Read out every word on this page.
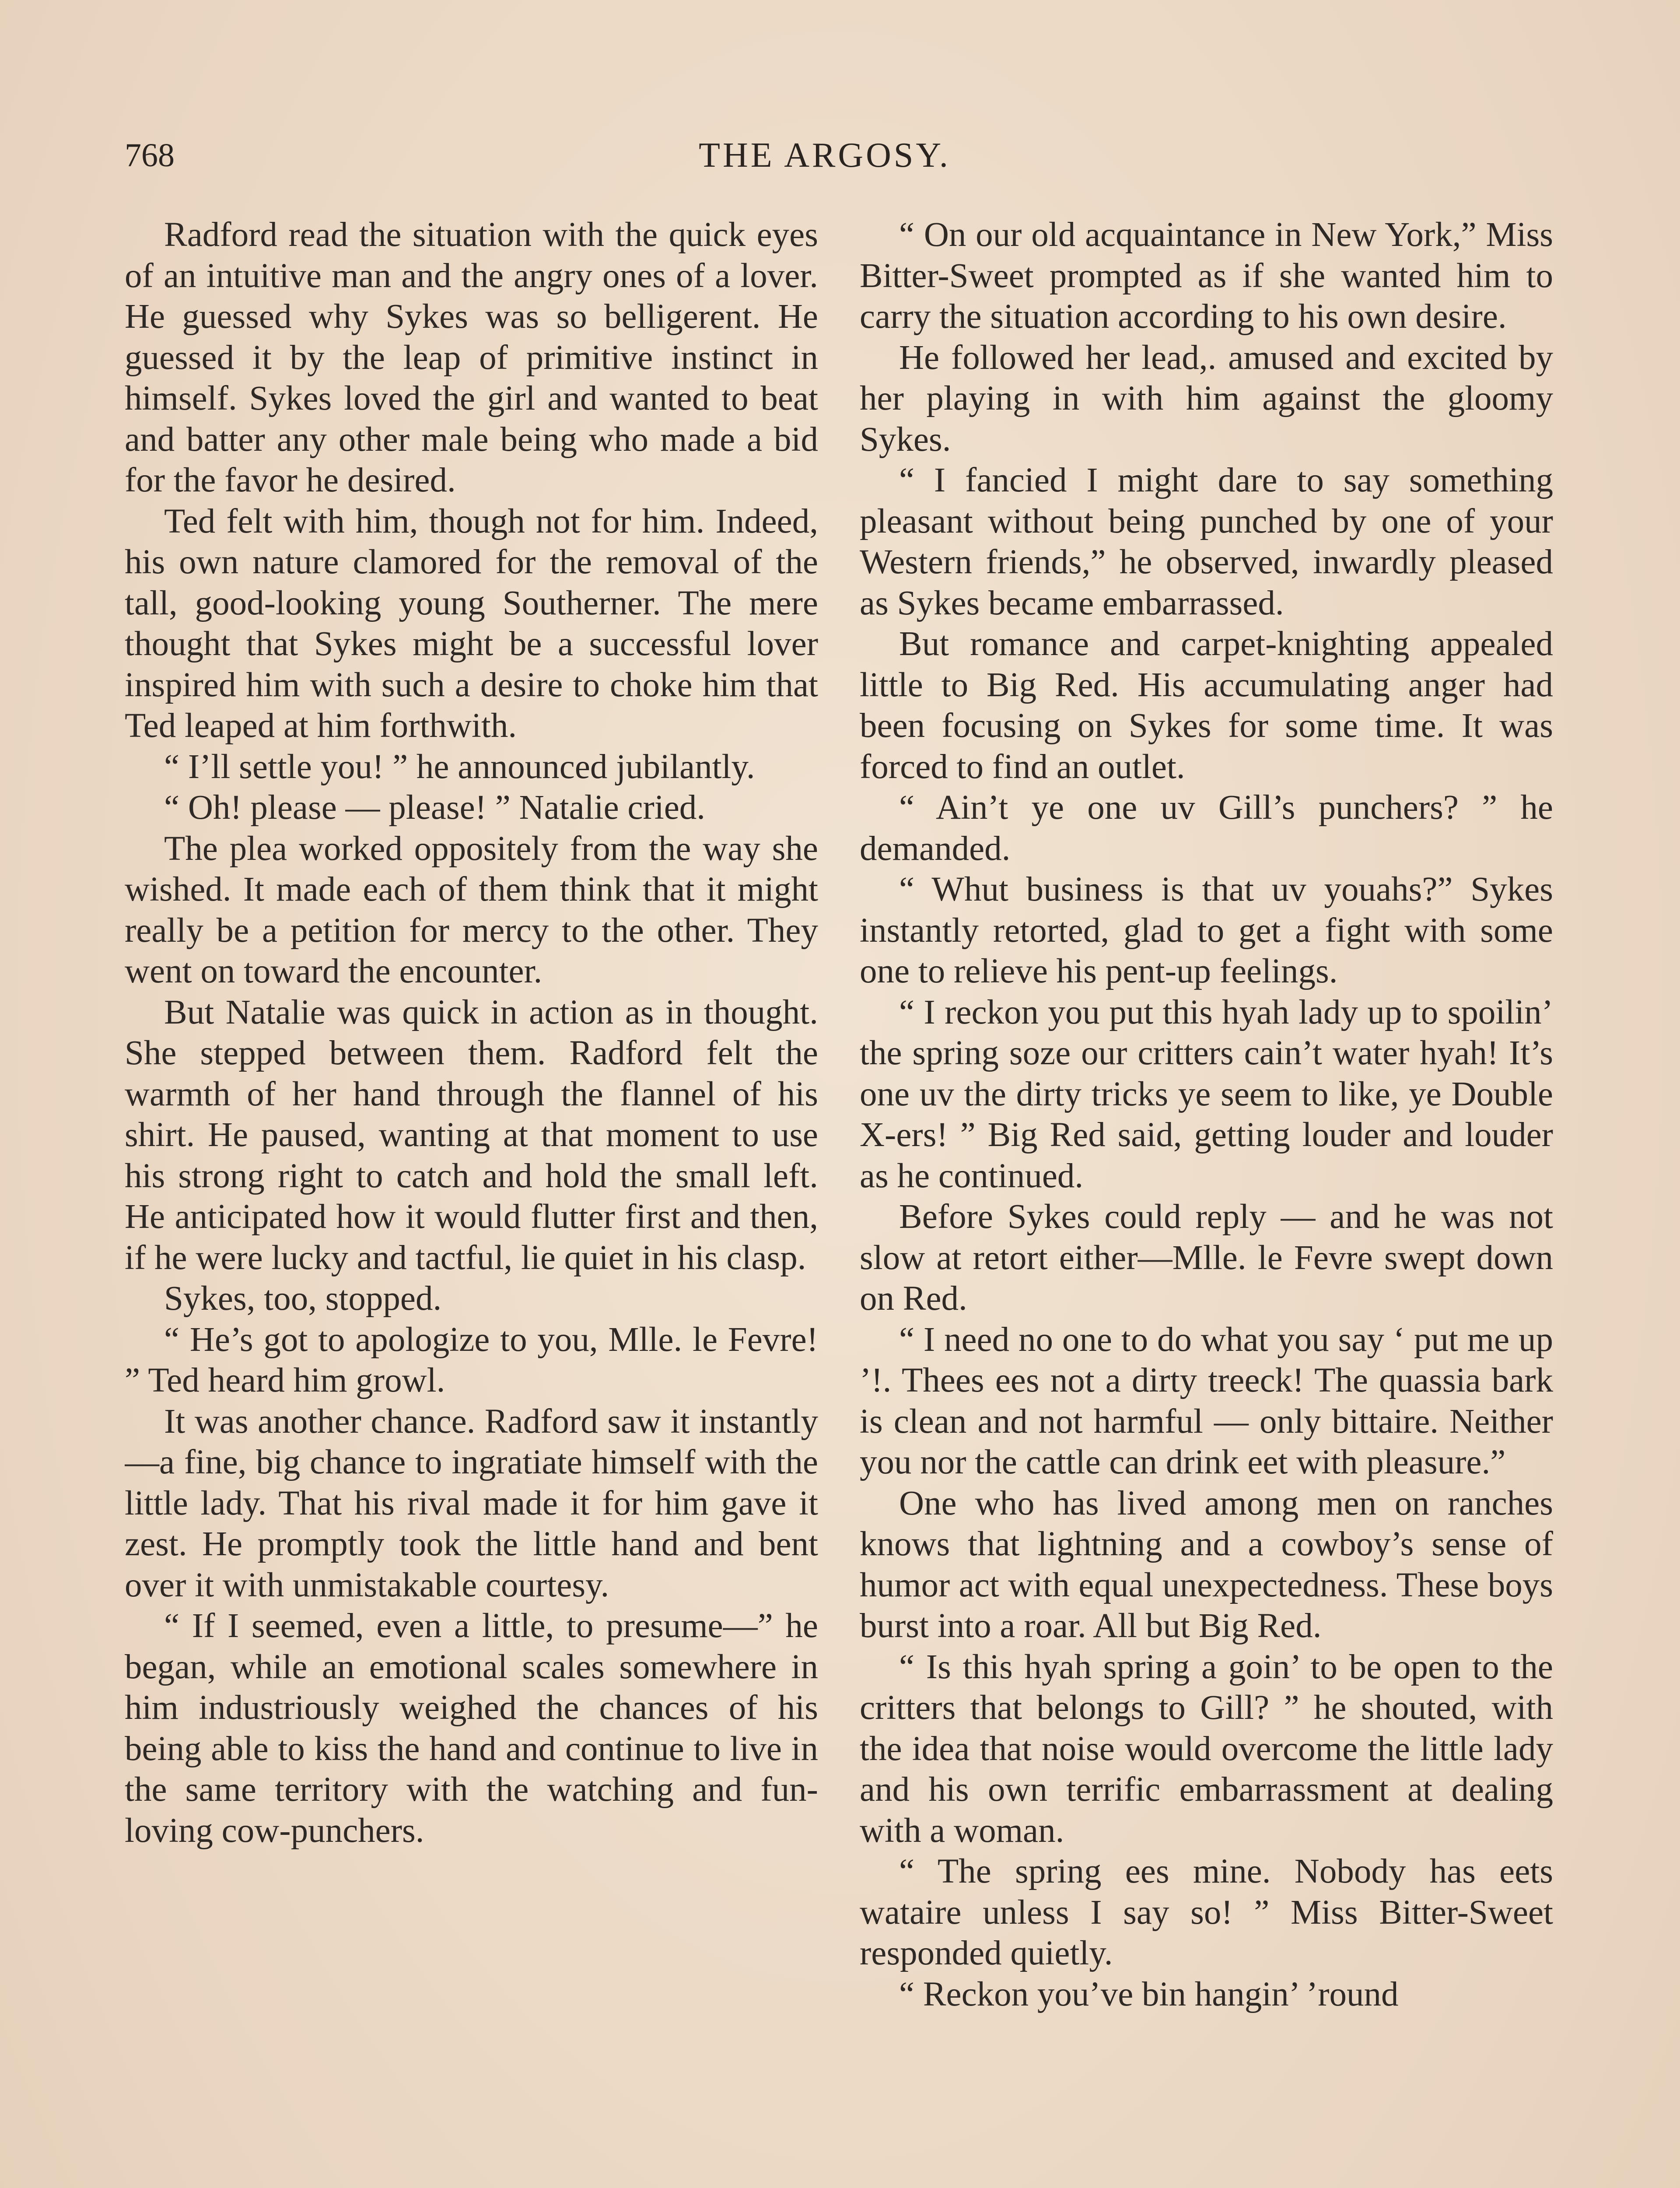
768	THE ARGOSY.

Radford read the situation with the quick eyes of an intuitive man and the angry ones of a lover. He guessed why Sykes was so belligerent. He guessed it by the leap of primitive instinct in himself. Sykes loved the girl and wanted to beat and batter any other male being who made a bid for the favor he desired.

Ted felt with him, though not for him. Indeed, his own nature clamored for the removal of the tall, good-looking young Southerner. The mere thought that Sykes might be a successful lover inspired him with such a desire to choke him that Ted leaped at him forthwith.

“ I’ll settle you! ” he announced jubilantly.

“ Oh! please — please! ” Natalie cried.

The plea worked oppositely from the way she wished. It made each of them think that it might really be a petition for mercy to the other. They went on toward the encounter.

But Natalie was quick in action as in thought. She stepped between them. Radford felt the warmth of her hand through the flannel of his shirt. He paused, wanting at that moment to use his strong right to catch and hold the small left. He anticipated how it would flutter first and then, if he were lucky and tactful, lie quiet in his clasp.

Sykes, too, stopped.

“ He’s got to apologize to you, Mlle. le Fevre! ” Ted heard him growl.

It was another chance. Radford saw it instantly—a fine, big chance to ingratiate himself with the little lady. That his rival made it for him gave it zest. He promptly took the little hand and bent over it with unmistakable courtesy.

“ If I seemed, even a little, to presume—” he began, while an emotional scales somewhere in him industriously weighed the chances of his being able to kiss the hand and continue to live in the same territory with the watching and fun-loving cow-punchers.

“ On our old acquaintance in New York,” Miss Bitter-Sweet prompted as if she wanted him to carry the situation according to his own desire.

He followed her lead,. amused and excited by her playing in with him against the gloomy Sykes.

“ I fancied I might dare to say something pleasant without being punched by one of your Western friends,” he observed, inwardly pleased as Sykes became embarrassed.

But romance and carpet-knighting appealed little to Big Red. His accumulating anger had been focusing on Sykes for some time. It was forced to find an outlet.

“ Ain’t ye one uv Gill’s punchers? ” he demanded.

“ Whut business is that uv youahs?” Sykes instantly retorted, glad to get a fight with some one to relieve his pent-up feelings.

“ I reckon you put this hyah lady up to spoilin’ the spring soze our critters cain’t water hyah! It’s one uv the dirty tricks ye seem to like, ye Double X-ers! ” Big Red said, getting louder and louder as he continued.

Before Sykes could reply — and he was not slow at retort either—Mlle. le Fevre swept down on Red.

“ I need no one to do what you say ‘ put me up ’!. Thees ees not a dirty treeck! The quassia bark is clean and not harmful — only bittaire. Neither you nor the cattle can drink eet with pleasure.”

One who has lived among men on ranches knows that lightning and a cowboy’s sense of humor act with equal unexpectedness. These boys burst into a roar. All but Big Red.

“ Is this hyah spring a goin’ to be open to the critters that belongs to Gill? ” he shouted, with the idea that noise would overcome the little lady and his own terrific embarrassment at dealing with a woman.

“ The spring ees mine. Nobody has eets wataire unless I say so! ” Miss Bitter-Sweet responded quietly.

“ Reckon you’ve bin hangin’ ’round
